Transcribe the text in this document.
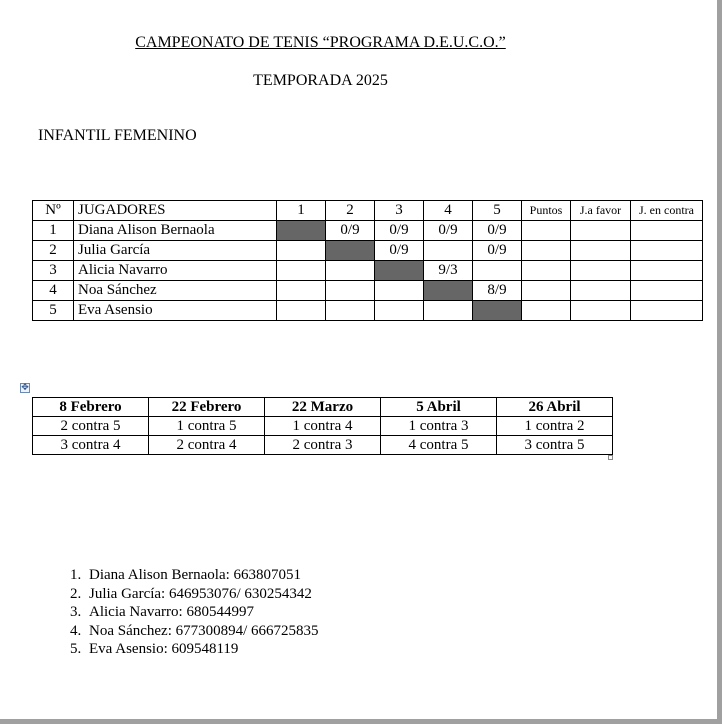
CAMPEONATO DE TENIS “PROGRAMA D.E.U.C.O.”
TEMPORADA 2025
INFANTIL FEMENINO
Nº	JUGADORES	1	2	3	4	5	Puntos	J.a favor	J. en contra
1	Diana Alison Bernaola		0/9	0/9	0/9	0/9			
2	Julia García			0/9		0/9			
3	Alicia Navarro				9/3				
4	Noa Sánchez					8/9			
5	Eva Asensio								
✥
8 Febrero	22 Febrero	22 Marzo	5 Abril	26 Abril
2 contra 5	1 contra 5	1 contra 4	1 contra 3	1 contra 2
3 contra 4	2 contra 4	2 contra 3	4 contra 5	3 contra 5
1. Diana Alison Bernaola: 663807051
2. Julia García: 646953076/ 630254342
3. Alicia Navarro: 680544997
4. Noa Sánchez: 677300894/ 666725835
5. Eva Asensio: 609548119
